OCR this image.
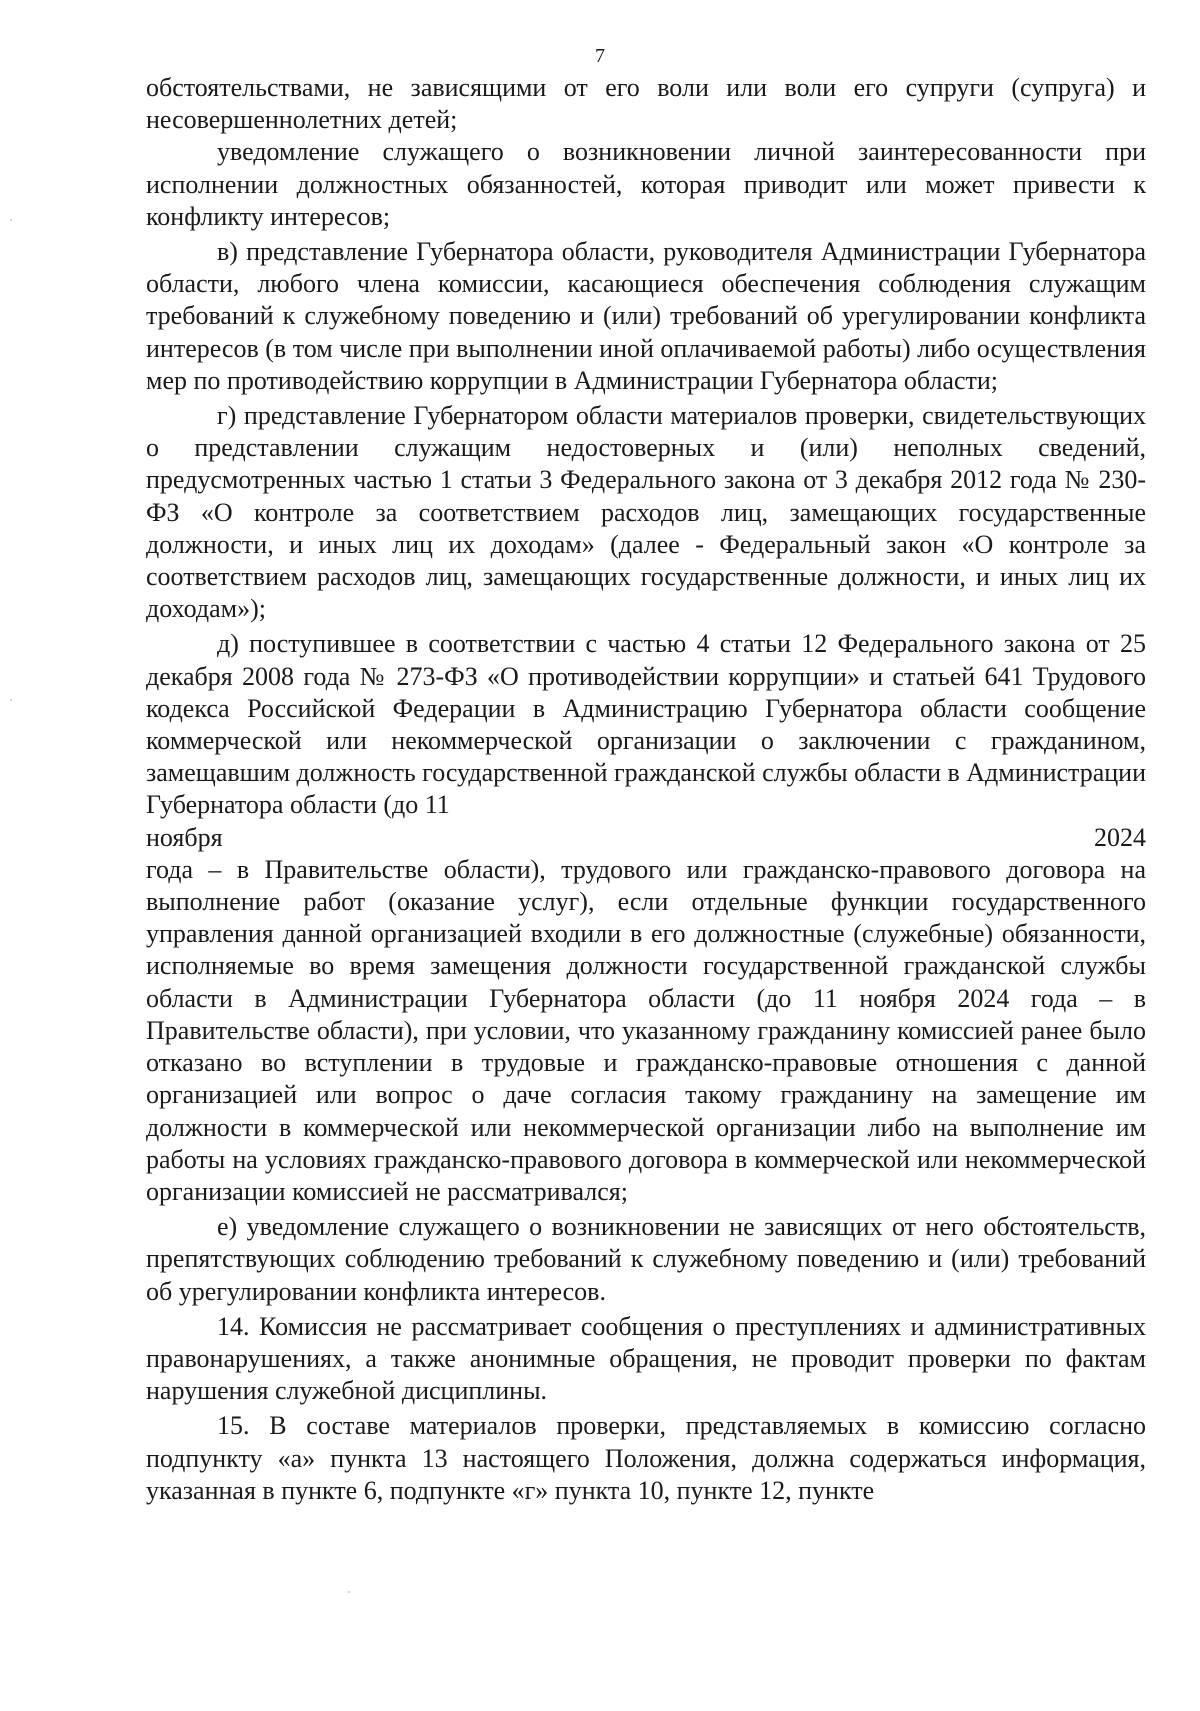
7

обстоятельствами, не зависящими от его воли или воли его супруги (супруга) и несовершеннолетних детей;

уведомление служащего о возникновении личной заинтересованности при исполнении должностных обязанностей, которая приводит или может привести к конфликту интересов;

в) представление Губернатора области, руководителя Администрации Губернатора области, любого члена комиссии, касающиеся обеспечения соблюдения служащим требований к служебному поведению и (или) требований об урегулировании конфликта интересов (в том числе при выполнении иной оплачиваемой работы) либо осуществления мер по противодействию коррупции в Администрации Губернатора области;

г) представление Губернатором области материалов проверки, свидетельствующих о представлении служащим недостоверных и (или) неполных сведений, предусмотренных частью 1 статьи 3 Федерального закона от 3 декабря 2012 года № 230-ФЗ «О контроле за соответствием расходов лиц, замещающих государственные должности, и иных лиц их доходам» (далее - Федеральный закон «О контроле за соответствием расходов лиц, замещающих государственные должности, и иных лиц их доходам»);

д) поступившее в соответствии с частью 4 статьи 12 Федерального закона от 25 декабря 2008 года № 273-ФЗ «О противодействии коррупции» и статьей 641 Трудового кодекса Российской Федерации в Администрацию Губернатора области сообщение коммерческой или некоммерческой организации о заключении с гражданином, замещавшим должность государственной гражданской службы области в Администрации Губернатора области (до 11

ноября	2024

года – в Правительстве области), трудового или гражданско-правового договора на выполнение работ (оказание услуг), если отдельные функции государственного управления данной организацией входили в его должностные (служебные) обязанности, исполняемые во время замещения должности государственной гражданской службы области в Администрации Губернатора области (до 11 ноября 2024 года – в Правительстве области), при условии, что указанному гражданину комиссией ранее было отказано во вступлении в трудовые и гражданско-правовые отношения с данной организацией или вопрос о даче согласия такому гражданину на замещение им должности в коммерческой или некоммерческой организации либо на выполнение им работы на условиях гражданско-правового договора в коммерческой или некоммерческой организации комиссией не рассматривался;

е) уведомление служащего о возникновении не зависящих от него обстоятельств, препятствующих соблюдению требований к служебному поведению и (или) требований об урегулировании конфликта интересов.

14. Комиссия не рассматривает сообщения о преступлениях и административных правонарушениях, а также анонимные обращения, не проводит проверки по фактам нарушения служебной дисциплины.

15. В составе материалов проверки, представляемых в комиссию согласно подпункту «а» пункта 13 настоящего Положения, должна содержаться информация, указанная в пункте 6, подпункте «г» пункта 10, пункте 12, пункте
